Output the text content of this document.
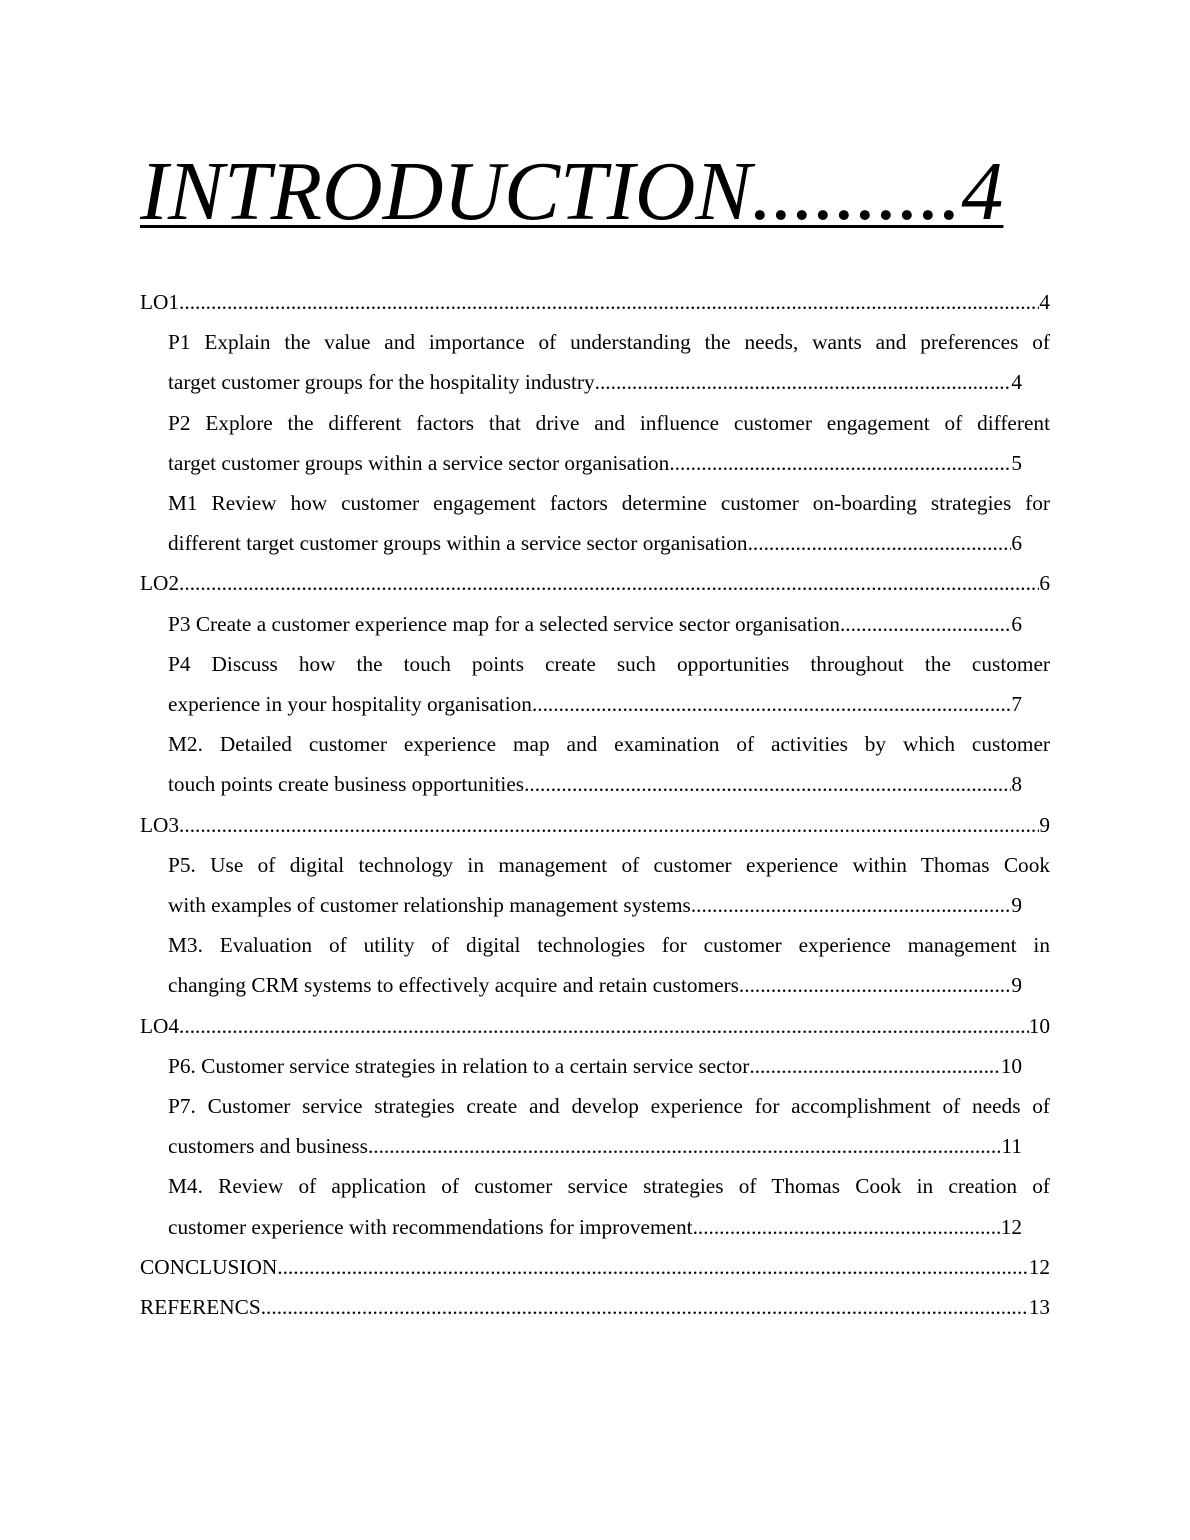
INTRODUCTION..........4
LO1 .....	4
P1 Explain the value and importance of understanding the needs, wants and preferences of
target customer groups for the hospitality industry .....	4
P2 Explore the different factors that drive and influence customer engagement of different
target customer groups within a service sector organisation .....	5
M1 Review how customer engagement factors determine customer on-boarding strategies for
different target customer groups within a service sector organisation .....	6
LO2 .....	6
P3 Create a customer experience map for a selected service sector organisation .....	6
P4 Discuss how the touch points create such opportunities throughout the customer
experience in your hospitality organisation .....	7
M2. Detailed customer experience map and examination of activities by which customer
touch points create business opportunities .....	8
LO3 .....	9
P5. Use of digital technology in management of customer experience within Thomas Cook
with examples of customer relationship management systems .....	9
M3. Evaluation of utility of digital technologies for customer experience management in
changing CRM systems to effectively acquire and retain customers .....	9
LO4 .....	10
P6. Customer service strategies in relation to a certain service sector .....	10
P7. Customer service strategies create and develop experience for accomplishment of needs of
customers and business .....	11
M4. Review of application of customer service strategies of Thomas Cook in creation of
customer experience with recommendations for improvement .....	12
CONCLUSION .....	12
REFERENCS .....	13
